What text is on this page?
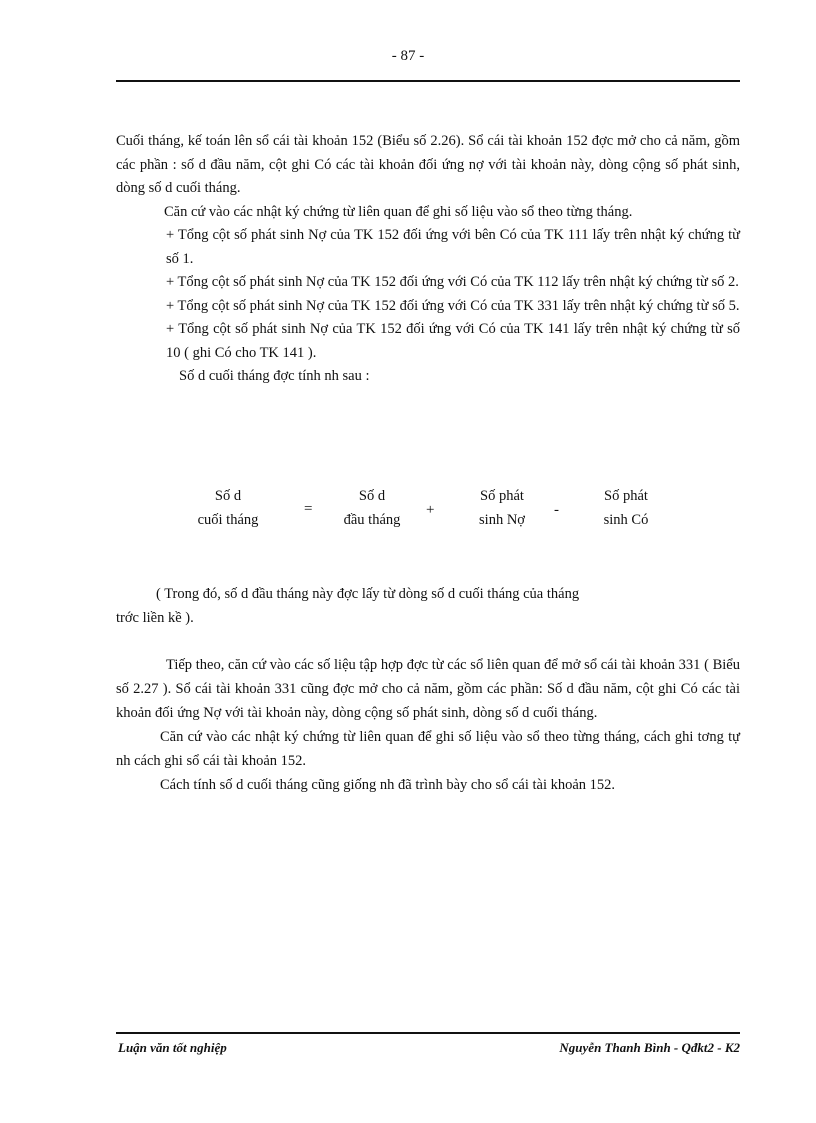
- 87 -

Cuối tháng, kế toán lên sổ cái tài khoản 152 (Biểu số 2.26). Sổ cái tài khoản 152 đợc mở cho cả năm, gồm các phần : số d đầu năm, cột ghi Có các tài khoản đối ứng nợ với tài khoản này, dòng cộng số phát sinh, dòng số d cuối tháng.

Căn cứ vào các nhật ký chứng từ liên quan để ghi số liệu vào sổ theo từng tháng.

+ Tổng cột số phát sinh Nợ của TK 152 đối ứng với bên Có của TK 111 lấy trên nhật ký chứng từ số 1.

+ Tổng cột số phát sinh Nợ của TK 152 đối ứng với Có của TK 112 lấy trên nhật ký chứng từ số 2.

+ Tổng cột số phát sinh Nợ của TK 152 đối ứng với Có của TK 331 lấy trên nhật ký chứng từ số 5.

+ Tổng cột số phát sinh Nợ của TK 152 đối ứng với Có của TK 141 lấy trên nhật ký chứng từ số 10 ( ghi Có cho TK 141 ).

Số d cuối tháng đợc tính nh sau :

Số d
cuối tháng
=
Số d
đầu tháng
+
Số phát
sinh Nợ
-
Số phát
sinh Có
( Trong đó, số d đầu tháng này đợc lấy từ dòng số d cuối tháng của tháng
trớc liền kề ).

Tiếp theo, căn cứ vào các số liệu tập hợp đợc từ các sổ liên quan để mở sổ cái tài khoản 331 ( Biểu số 2.27 ). Sổ cái tài khoản 331 cũng đợc mở cho cả năm, gồm các phần: Số d đầu năm, cột ghi Có các tài khoản đối ứng Nợ với tài khoản này, dòng cộng số phát sinh, dòng số d cuối tháng.

Căn cứ vào các nhật ký chứng từ liên quan để ghi số liệu vào sổ theo từng tháng, cách ghi tơng tự nh cách ghi sổ cái tài khoản 152.

Cách tính số d cuối tháng cũng giống nh đã trình bày cho sổ cái tài khoản 152.

Luận văn tốt nghiệp	Nguyễn Thanh Bình - Qđkt2 - K2
